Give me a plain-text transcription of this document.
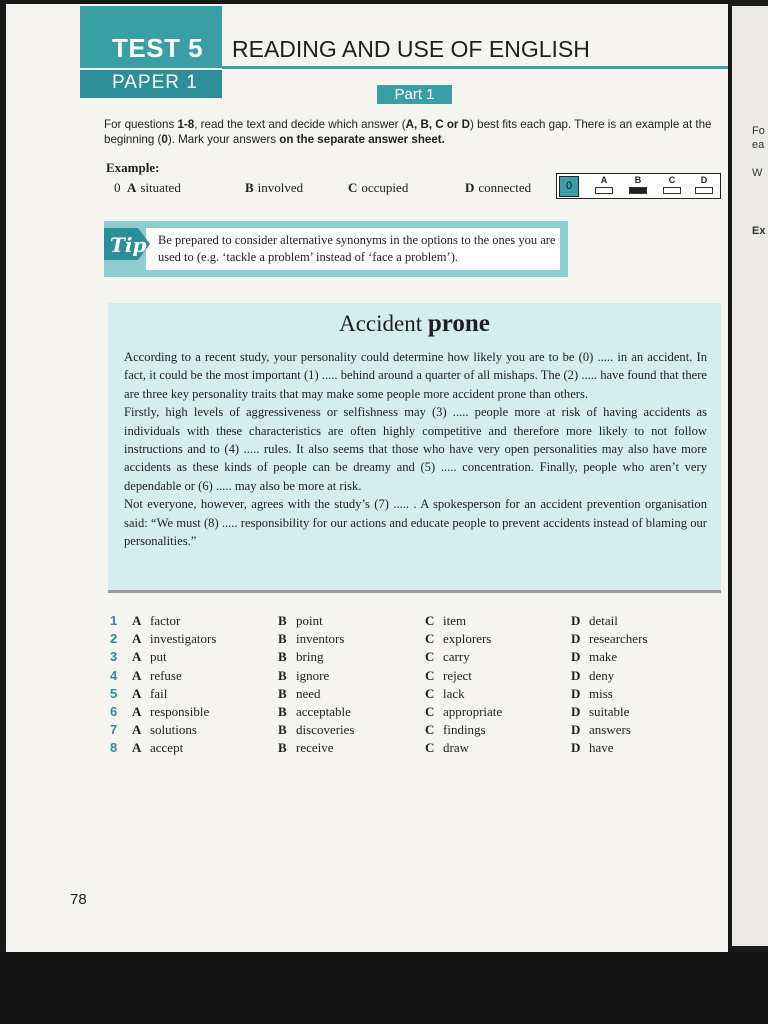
Fo
ea
W
Ex
TEST 5
PAPER 1
READING AND USE OF ENGLISH
Part 1
For questions 1-8, read the text and decide which answer (A, B, C or D) best fits each gap. There is an example at the beginning (0). Mark your answers on the separate answer sheet.
Example:
0 A situated	B involved	C occupied	D connected	0	A	B	C	D
Tip Be prepared to consider alternative synonyms in the options to the ones you are used to (e.g. ‘tackle a problem’ instead of ‘face a problem’).
Accident prone

According to a recent study, your personality could determine how likely you are to be (0) ..... in an accident. In fact, it could be the most important (1) ..... behind around a quarter of all mishaps. The (2) ..... have found that there are three key personality traits that may make some people more accident prone than others.

Firstly, high levels of aggressiveness or selfishness may (3) ..... people more at risk of having accidents as individuals with these characteristics are often highly competitive and therefore more likely to not follow instructions and to (4) ..... rules. It also seems that those who have very open personalities may also have more accidents as these kinds of people can be dreamy and (5) ..... concentration. Finally, people who aren’t very dependable or (6) ..... may also be more at risk.

Not everyone, however, agrees with the study’s (7) ..... . A spokesperson for an accident prevention organisation said: “We must (8) ..... responsibility for our actions and educate people to prevent accidents instead of blaming our personalities.”

1	A factor	B point	C item	D detail
2	A investigators	B inventors	C explorers	D researchers
3	A put	B bring	C carry	D make
4	A refuse	B ignore	C reject	D deny
5	A fail	B need	C lack	D miss
6	A responsible	B acceptable	C appropriate	D suitable
7	A solutions	B discoveries	C findings	D answers
8	A accept	B receive	C draw	D have
78
